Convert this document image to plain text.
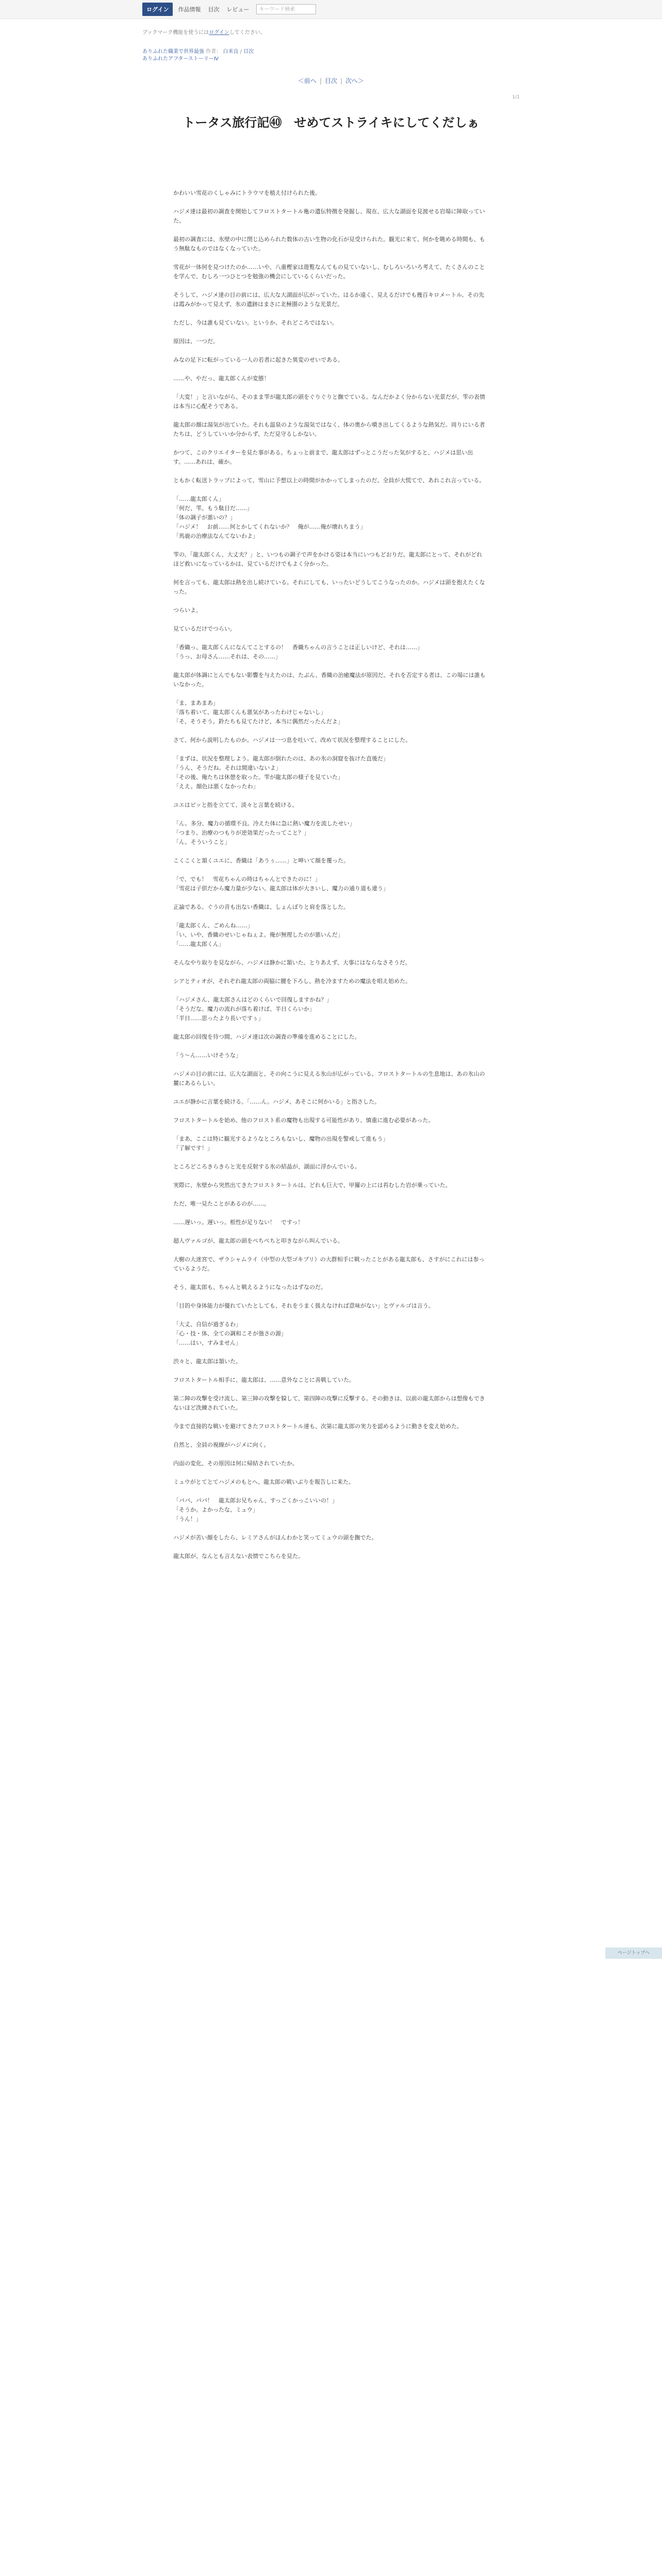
ログイン	作品情報 目次 レビュー
キーワード検索
ブックマーク機能を使うにはログインしてください。
ありふれた職業で世界最強 作者： 白米良 / 目次
ありふれたアフターストーリーⅣ
＜前へ | 目次 | 次へ＞
1/1
トータス旅行記㊵　せめてストライキにしてくだしぁ

かわいい雪花のくしゃみにトラウマを植え付けられた後。

ハジメ達は最初の調査を開始してフロストタートル亀の遺伝特徴を発掘し、現在、広大な湖面を見渡せる岩場に陣取っていた。

最初の調査には、氷壁の中に閉じ込められた数体の古い生物の化石が見受けられた。観光に来て、何かを眺める時間も、もう無駄なものではなくなっていた。

雪花が一体何を見つけたのか……いや、八重樫家は遊覧なんてもの見ていないし、むしろいろいろ考えて、たくさんのことを学んで、むしろ一つひとつを勉強の機会にしているくらいだった。

そうして、ハジメ達の目の前には、広大な大湖面が広がっていた。はるか遠く、見えるだけでも幾百キロメートル。その先は霞みがかって見えず、氷の遺跡はまさに北極圏のような光景だ。

ただし、今は誰も見ていない。というか、それどころではない。

原因は、一つだ。

みなの足下に転がっている一人の若者に起きた異変のせいである。

……や、やだっ、龍太郎くんが変態！

「大変！」と言いながら、そのまま雫が龍太郎の頭をぐりぐりと撫でている。なんだかよく分からない光景だが、雫の表情は本当に心配そうである。

龍太郎の顔は湯気が出ていた。それも温泉のような湯気ではなく、体の奥から噴き出してくるような熱気だ。周りにいる者たちは、どうしていいか分からず、ただ見守るしかない。

かつて、このクリエイターを見た事がある。ちょっと前まで、龍太郎はずっとこうだった気がすると、ハジメは思い出す。……あれは、確か。

ともかく転送トラップによって、雪山に予想以上の時間がかかってしまったのだ。全員が大慌てで、あれこれ言っている。

「……龍太郎くん」
「何だ、雫。もう駄目だ……」
「体の調子が悪いの？」
「ハジメ！　お前……何とかしてくれないか？　俺が……俺が壊れちまう」
「馬鹿の治療法なんてないわよ」

雫の、「龍太郎くん、大丈夫？」と、いつもの調子で声をかける姿は本当にいつもどおりだ。龍太郎にとって、それがどれほど救いになっているかは、見ているだけでもよく分かった。

何を言っても、龍太郎は熱を出し続けている。それにしても、いったいどうしてこうなったのか。ハジメは頭を抱えたくなった。

つらいよ。

見ているだけでつらい。

「香織っ、龍太郎くんになんてことするの！　香織ちゃんの言うことは正しいけど、それは……」
「うっ、お母さん……それは、その……」

龍太郎が体調にとんでもない影響を与えたのは、たぶん、香織の治癒魔法が原因だ。それを否定する者は、この場には誰もいなかった。

「ま、まあまあ」
「落ち着いて、龍太郎くんも悪気があったわけじゃないし」
「そ、そうそう。鈴たちも見てたけど、本当に偶然だったんだよ」

さて、何から説明したものか。ハジメは一つ息を吐いて、改めて状況を整理することにした。

「まずは、状況を整理しよう。龍太郎が倒れたのは、あの氷の洞窟を抜けた直後だ」
「うん、そうだね。それは間違いないよ」
「その後、俺たちは休憩を取った。雫が龍太郎の様子を見ていた」
「ええ。顔色は悪くなかったわ」

ユエはピッと指を立てて、淡々と言葉を続ける。

「ん。多分、魔力の循環不良。冷えた体に急に熱い魔力を流したせい」
「つまり、治療のつもりが逆効果だったってこと？」
「ん。そういうこと」

こくこくと頷くユエに、香織は「あうぅ……」と呻いて顔を覆った。

「で、でも！　雪花ちゃんの時はちゃんとできたのに！」
「雪花は子供だから魔力量が少ない。龍太郎は体が大きいし、魔力の通り道も違う」

正論である。ぐうの音も出ない香織は、しょんぼりと肩を落とした。

「龍太郎くん、ごめんね……」
「い、いや、香織のせいじゃねぇよ。俺が無理したのが悪いんだ」
「……龍太郎くん」

そんなやり取りを見ながら、ハジメは静かに頷いた。とりあえず、大事にはならなさそうだ。

シアとティオが、それぞれ龍太郎の両脇に腰を下ろし、熱を冷ますための魔法を唱え始めた。

「ハジメさん、龍太郎さんはどのくらいで回復しますかね？」
「そうだな。魔力の流れが落ち着けば、半日くらいか」
「半日……思ったより長いですぅ」

龍太郎の回復を待つ間、ハジメ達は次の調査の準備を進めることにした。

「う〜ん……いけそうな」

ハジメの目の前には、広大な湖面と、その向こうに見える氷山が広がっている。フロストタートルの生息地は、あの氷山の麓にあるらしい。

ユエが静かに言葉を続ける。「……ん。ハジメ、あそこに何かいる」と指さした。

フロストタートルを始め、他のフロスト系の魔物も出現する可能性があり、慎重に進む必要があった。

「まあ、ここは特に観光するようなところもないし、魔物の出現を警戒して進もう」
「了解です！」

ところどころきらきらと光を反射する氷の結晶が、湖面に浮かんでいる。

実際に、氷壁から突然出てきたフロストタートルは、どれも巨大で、甲羅の上には苔むした岩が乗っていた。

ただ、唯一見たことがあるのが……。

……遅いっ。遅いっ。根性が足りない！　ですっ！

超人ヴァルゴが、龍太郎の頭をぺちぺちと叩きながら叫んでいる。

大樹の大迷宮で、ザラシャムライ（中型の大型ゴキブリ）の大群相手に戦ったことがある龍太郎も、さすがにこれには参っているようだ。

そう、龍太郎も、ちゃんと戦えるようになったはずなのだ。

「目的や身体能力が優れていたとしても、それをうまく扱えなければ意味がない」とヴァルゴは言う。

「大丈、自信が過ぎるわ」
「心・技・体、全ての調和こそが強さの源」
「……はい、すみません」

渋々と、龍太郎は頷いた。

フロストタートル相手に、龍太郎は、……意外なことに善戦していた。

第二陣の攻撃を受け流し、第三陣の攻撃を躱して、第四陣の攻撃に反撃する。その動きは、以前の龍太郎からは想像もできないほど洗練されていた。

今まで直接的な戦いを避けてきたフロストタートル達も、次第に龍太郎の実力を認めるように動きを変え始めた。

自然と、全員の視線がハジメに向く。

内面の変化、その原因は何に帰結されていたか。

ミュウがとてとてハジメのもとへ、龍太郎の戦いぶりを報告しに来た。

「パパ、パパ！　龍太郎お兄ちゃん、すっごくかっこいいの！」
「そうか。よかったな、ミュウ」
「うん！」

ハジメが苦い顔をしたら、レミアさんがほんわかと笑ってミュウの頭を撫でた。

龍太郎が、なんとも言えない表情でこちらを見た。

ページトップへ
